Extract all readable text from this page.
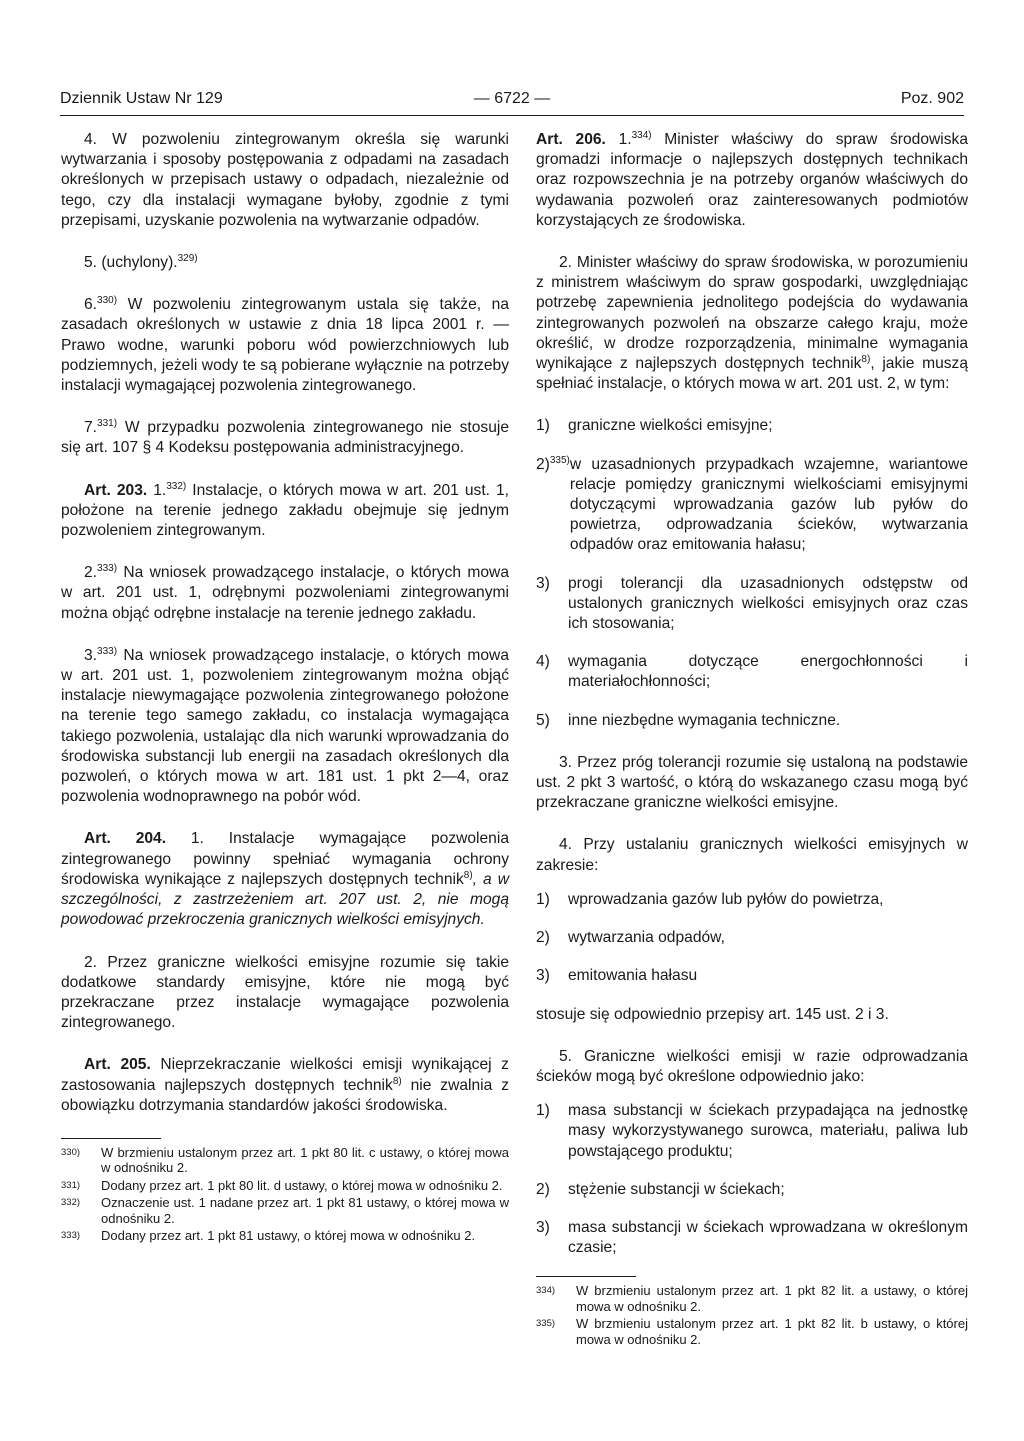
Dziennik Ustaw Nr 129	— 6722 —	Poz. 902

4. W pozwoleniu zintegrowanym określa się warunki wytwarzania i sposoby postępowania z odpadami na zasadach określonych w przepisach ustawy o odpadach, niezależnie od tego, czy dla instalacji wymagane byłoby, zgodnie z tymi przepisami, uzyskanie pozwolenia na wytwarzanie odpadów.

5. (uchylony).$^{329)}$

6.$^{330)}$ W pozwoleniu zintegrowanym ustala się także, na zasadach określonych w ustawie z dnia 18 lipca 2001 r. — Prawo wodne, warunki poboru wód powierzchniowych lub podziemnych, jeżeli wody te są pobierane wyłącznie na potrzeby instalacji wymagającej pozwolenia zintegrowanego.

7.$^{331)}$ W przypadku pozwolenia zintegrowanego nie stosuje się art. 107 § 4 Kodeksu postępowania administracyjnego.

Art. 203. 1.$^{332)}$ Instalacje, o których mowa w art. 201 ust. 1, położone na terenie jednego zakładu obejmuje się jednym pozwoleniem zintegrowanym.

2.$^{333)}$ Na wniosek prowadzącego instalacje, o których mowa w art. 201 ust. 1, odrębnymi pozwoleniami zintegrowanymi można objąć odrębne instalacje na terenie jednego zakładu.

3.$^{333)}$ Na wniosek prowadzącego instalacje, o których mowa w art. 201 ust. 1, pozwoleniem zintegrowanym można objąć instalacje niewymagające pozwolenia zintegrowanego położone na terenie tego samego zakładu, co instalacja wymagająca takiego pozwolenia, ustalając dla nich warunki wprowadzania do środowiska substancji lub energii na zasadach określonych dla pozwoleń, o których mowa w art. 181 ust. 1 pkt 2—4, oraz pozwolenia wodnoprawnego na pobór wód.

Art. 204. 1. Instalacje wymagające pozwolenia zintegrowanego powinny spełniać wymagania ochrony środowiska wynikające z najlepszych dostępnych technik$^{8)}$, a w szczególności, z zastrzeżeniem art. 207 ust. 2, nie mogą powodować przekroczenia granicznych wielkości emisyjnych.

2. Przez graniczne wielkości emisyjne rozumie się takie dodatkowe standardy emisyjne, które nie mogą być przekraczane przez instalacje wymagające pozwolenia zintegrowanego.

Art. 205. Nieprzekraczanie wielkości emisji wynikającej z zastosowania najlepszych dostępnych technik$^{8)}$ nie zwalnia z obowiązku dotrzymania standardów jakości środowiska.

330)	W brzmieniu ustalonym przez art. 1 pkt 80 lit. c ustawy, o której mowa w odnośniku 2.
331)	Dodany przez art. 1 pkt 80 lit. d ustawy, o której mowa w odnośniku 2.
332)	Oznaczenie ust. 1 nadane przez art. 1 pkt 81 ustawy, o której mowa w odnośniku 2.
333)	Dodany przez art. 1 pkt 81 ustawy, o której mowa w odnośniku 2.

Art. 206. 1.$^{334)}$ Minister właściwy do spraw środowiska gromadzi informacje o najlepszych dostępnych technikach oraz rozpowszechnia je na potrzeby organów właściwych do wydawania pozwoleń oraz zainteresowanych podmiotów korzystających ze środowiska.

2. Minister właściwy do spraw środowiska, w porozumieniu z ministrem właściwym do spraw gospodarki, uwzględniając potrzebę zapewnienia jednolitego podejścia do wydawania zintegrowanych pozwoleń na obszarze całego kraju, może określić, w drodze rozporządzenia, minimalne wymagania wynikające z najlepszych dostępnych technik$^{8)}$, jakie muszą spełniać instalacje, o których mowa w art. 201 ust. 2, w tym:

1)	graniczne wielkości emisyjne;
2)$^{335)}$ w uzasadnionych przypadkach wzajemne, wariantowe relacje pomiędzy granicznymi wielkościami emisyjnymi dotyczącymi wprowadzania gazów lub pyłów do powietrza, odprowadzania ścieków, wytwarzania odpadów oraz emitowania hałasu;
3)	progi tolerancji dla uzasadnionych odstępstw od ustalonych granicznych wielkości emisyjnych oraz czas ich stosowania;
4)	wymagania dotyczące energochłonności i materiałochłonności;
5)	inne niezbędne wymagania techniczne.

3. Przez próg tolerancji rozumie się ustaloną na podstawie ust. 2 pkt 3 wartość, o którą do wskazanego czasu mogą być przekraczane graniczne wielkości emisyjne.

4. Przy ustalaniu granicznych wielkości emisyjnych w zakresie:

1)	wprowadzania gazów lub pyłów do powietrza,
2)	wytwarzania odpadów,
3)	emitowania hałasu

stosuje się odpowiednio przepisy art. 145 ust. 2 i 3.

5. Graniczne wielkości emisji w razie odprowadzania ścieków mogą być określone odpowiednio jako:

1)	masa substancji w ściekach przypadająca na jednostkę masy wykorzystywanego surowca, materiału, paliwa lub powstającego produktu;
2)	stężenie substancji w ściekach;
3)	masa substancji w ściekach wprowadzana w określonym czasie;
334)	W brzmieniu ustalonym przez art. 1 pkt 82 lit. a ustawy, o której mowa w odnośniku 2.
335)	W brzmieniu ustalonym przez art. 1 pkt 82 lit. b ustawy, o której mowa w odnośniku 2.
